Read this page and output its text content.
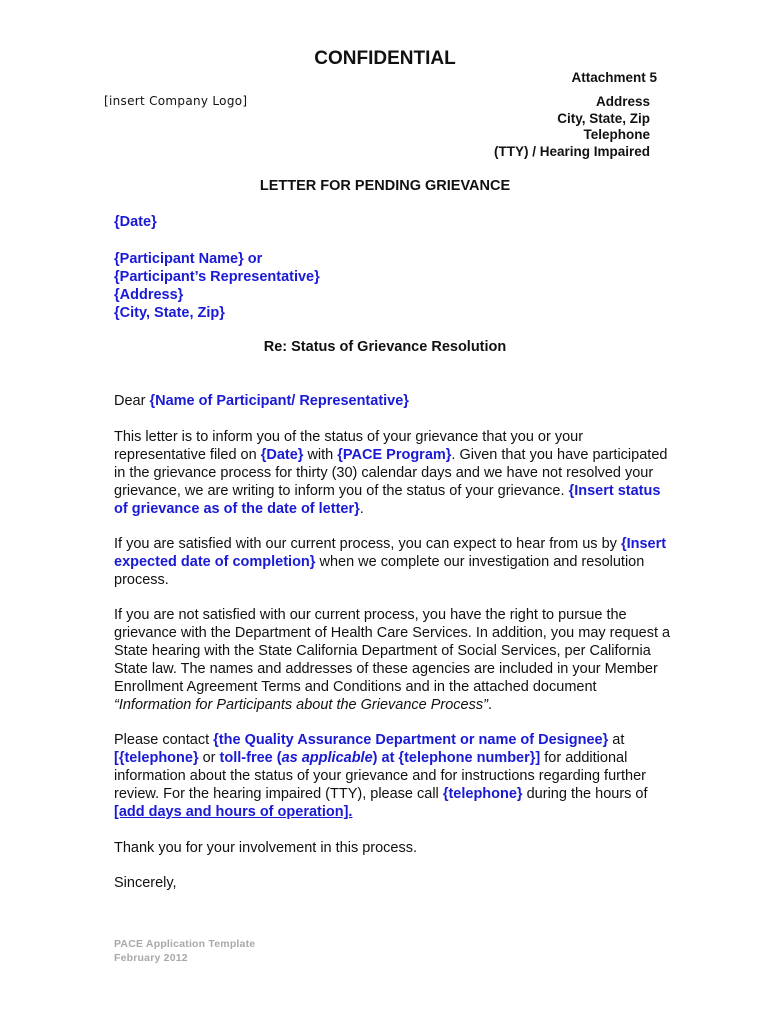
CONFIDENTIAL
Attachment 5
[insert Company Logo]	Address
City, State, Zip
Telephone
(TTY) / Hearing Impaired
LETTER FOR PENDING GRIEVANCE
{Date}
{Participant Name} or
{Participant’s Representative}
{Address}
{City, State, Zip}
Re: Status of Grievance Resolution
Dear {Name of Participant/ Representative}
This letter is to inform you of the status of your grievance that you or your representative filed on {Date} with {PACE Program}. Given that you have participated in the grievance process for thirty (30) calendar days and we have not resolved your grievance, we are writing to inform you of the status of your grievance. {Insert status of grievance as of the date of letter}.
If you are satisfied with our current process, you can expect to hear from us by {Insert expected date of completion} when we complete our investigation and resolution process.
If you are not satisfied with our current process, you have the right to pursue the grievance with the Department of Health Care Services. In addition, you may request a State hearing with the State California Department of Social Services, per California State law. The names and addresses of these agencies are included in your Member Enrollment Agreement Terms and Conditions and in the attached document “Information for Participants about the Grievance Process”.
Please contact {the Quality Assurance Department or name of Designee} at [{telephone} or toll-free (as applicable) at {telephone number}] for additional information about the status of your grievance and for instructions regarding further review. For the hearing impaired (TTY), please call {telephone} during the hours of [add days and hours of operation].
Thank you for your involvement in this process.
Sincerely,
PACE Application Template
February 2012
